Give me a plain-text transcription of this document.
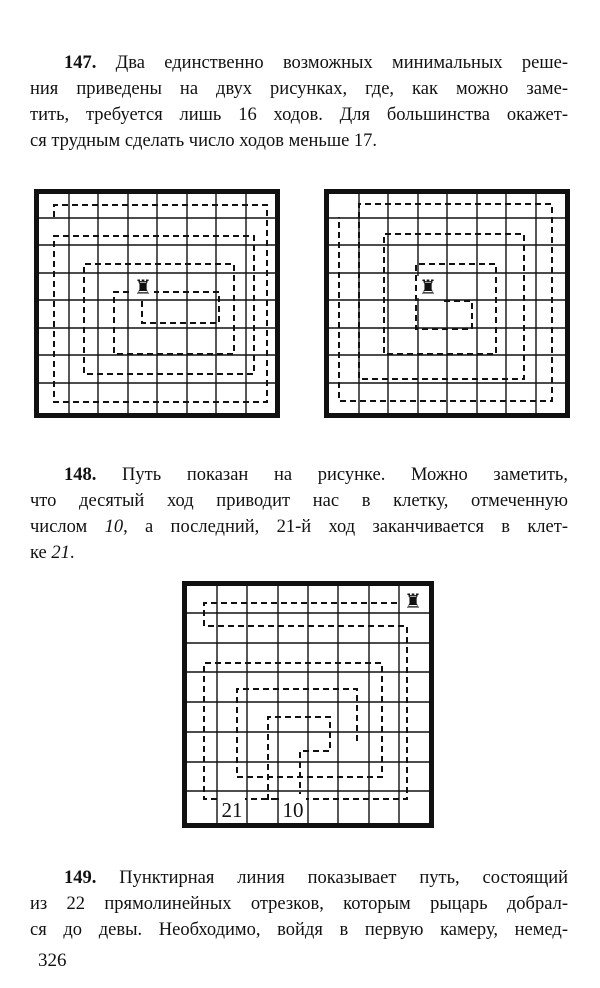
147. Два единственно возможных минимальных реше-
ния приведены на двух рисунках, где, как можно заме-
тить, требуется лишь 16 ходов. Для большинства окажет-
ся трудным сделать число ходов меньше 17.
♜	♜
148. Путь показан на рисунке. Можно заметить,
что десятый ход приводит нас в клетку, отмеченную
числом 10, а последний, 21-й ход заканчивается в клет-
ке 21.
♜
21 10
149. Пунктирная линия показывает путь, состоящий
из 22 прямолинейных отрезков, которым рыцарь добрал-
ся до девы. Необходимо, войдя в первую камеру, немед-
326
